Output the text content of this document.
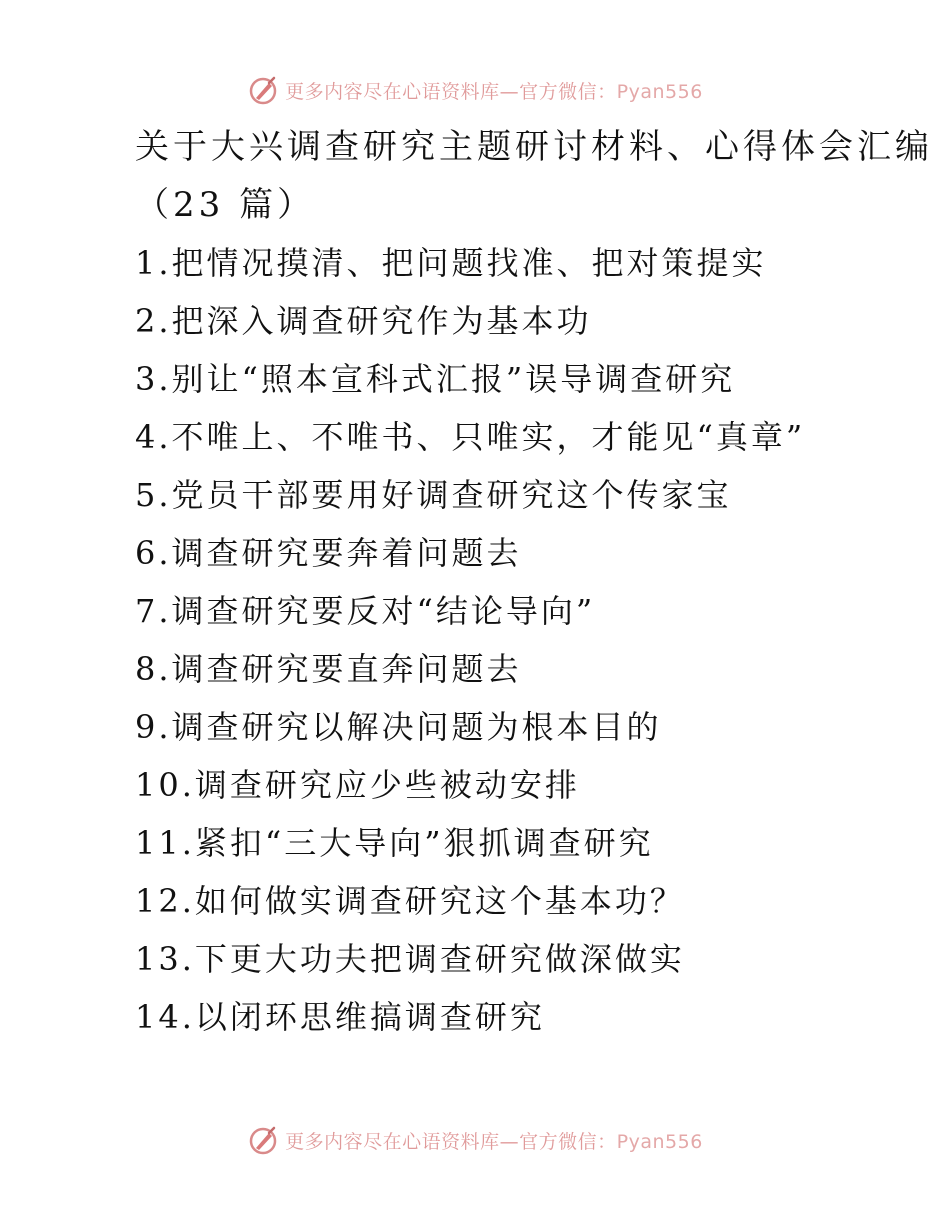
更多内容尽在心语资料库—官方微信：Pyan556
关于大兴调查研究主题研讨材料、心得体会汇编
（23 篇）
1.把情况摸清、把问题找准、把对策提实
2.把深入调查研究作为基本功
3.别让“照本宣科式汇报”误导调查研究
4.不唯上、不唯书、只唯实，才能见“真章”
5.党员干部要用好调查研究这个传家宝
6.调查研究要奔着问题去
7.调查研究要反对“结论导向”
8.调查研究要直奔问题去
9.调查研究以解决问题为根本目的
10.调查研究应少些被动安排
11.紧扣“三大导向”狠抓调查研究
12.如何做实调查研究这个基本功？
13.下更大功夫把调查研究做深做实
14.以闭环思维搞调查研究
更多内容尽在心语资料库—官方微信：Pyan556
